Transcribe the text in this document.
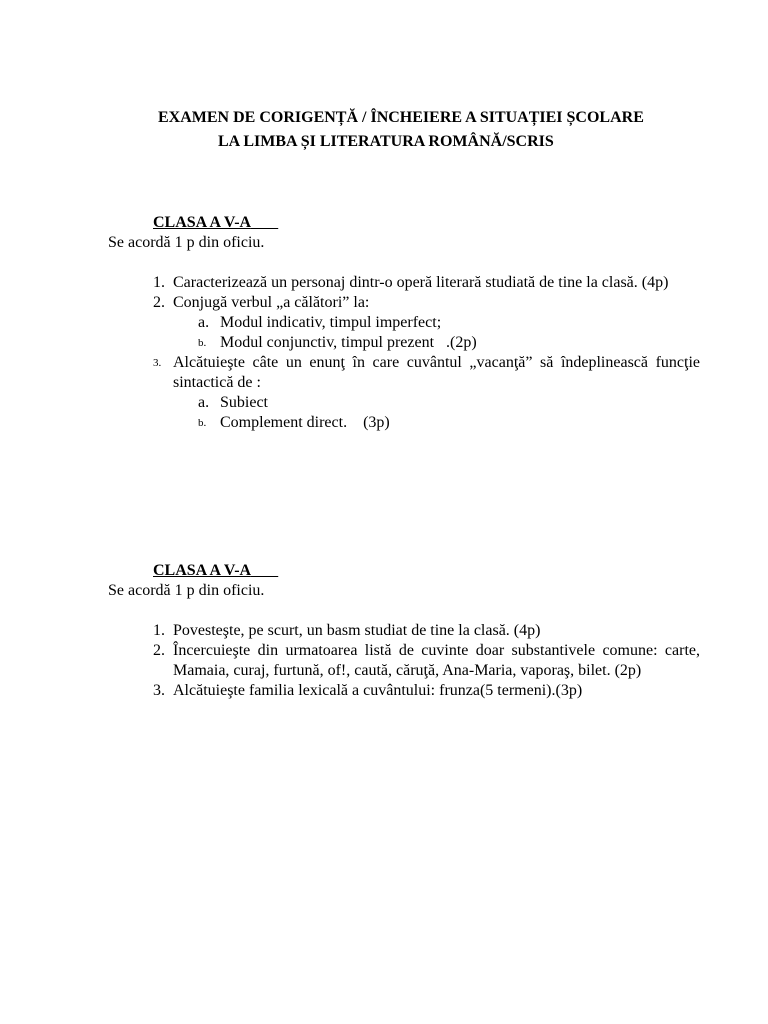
EXAMEN DE CORIGENȚĂ / ÎNCHEIERE A SITUAȚIEI ȘCOLARE
LA LIMBA ȘI LITERATURA ROMÂNĂ/SCRIS
CLASA A V-A
Se acordă 1 p din oficiu.
1. Caracterizează un personaj dintr-o operă literară studiată de tine la clasă. (4p)
2. Conjugă verbul „a călători” la:
a. Modul indicativ, timpul imperfect;
b. Modul conjunctiv, timpul prezent   .(2p)
3. Alcătuieşte câte un enunţ în care cuvântul „vacanţă” să îndeplinească funcţie sintactică de :
a. Subiect
b. Complement direct.    (3p)
CLASA A V-A
Se acordă 1 p din oficiu.
1. Povesteşte, pe scurt, un basm studiat de tine la clasă. (4p)
2. Încercuieşte din urmatoarea listă de cuvinte doar substantivele comune: carte, Mamaia, curaj, furtună, of!, caută, căruţă, Ana-Maria, vaporaş, bilet. (2p)
3. Alcătuieşte familia lexicală a cuvântului: frunza(5 termeni).(3p)
